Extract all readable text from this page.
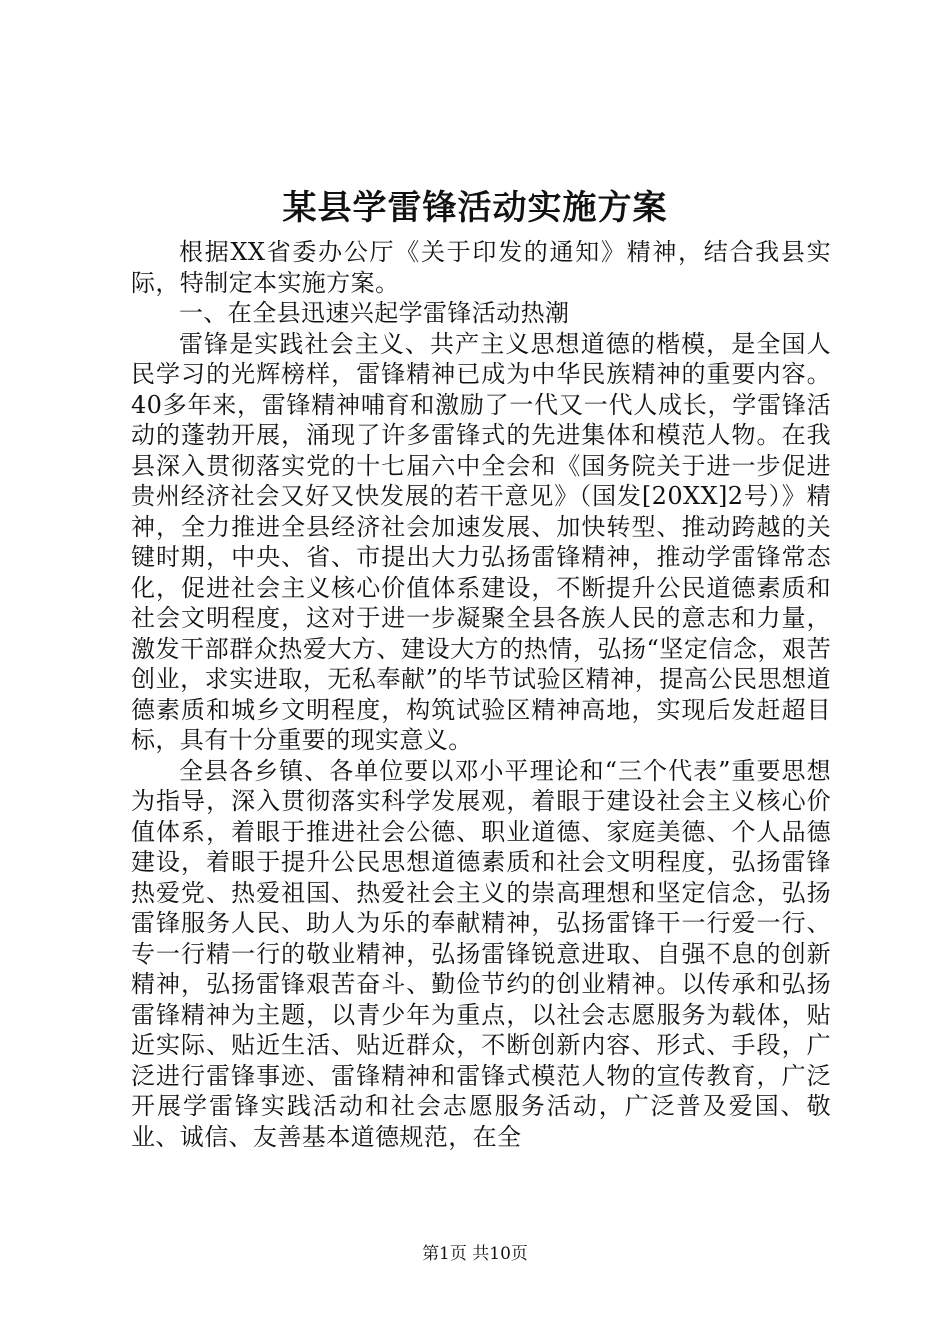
某县学雷锋活动实施方案

根据XX省委办公厅《关于印发的通知》精神，结合我县实际，特制定本实施方案。

一、在全县迅速兴起学雷锋活动热潮

雷锋是实践社会主义、共产主义思想道德的楷模，是全国人民学习的光辉榜样，雷锋精神已成为中华民族精神的重要内容。40多年来，雷锋精神哺育和激励了一代又一代人成长，学雷锋活动的蓬勃开展，涌现了许多雷锋式的先进集体和模范人物。在我县深入贯彻落实党的十七届六中全会和《国务院关于进一步促进贵州经济社会又好又快发展的若干意见》（国发[20XX]2号）》精神，全力推进全县经济社会加速发展、加快转型、推动跨越的关键时期，中央、省、市提出大力弘扬雷锋精神，推动学雷锋常态化，促进社会主义核心价值体系建设，不断提升公民道德素质和社会文明程度，这对于进一步凝聚全县各族人民的意志和力量，激发干部群众热爱大方、建设大方的热情，弘扬“坚定信念，艰苦创业，求实进取，无私奉献”的毕节试验区精神，提高公民思想道德素质和城乡文明程度，构筑试验区精神高地，实现后发赶超目标，具有十分重要的现实意义。

全县各乡镇、各单位要以邓小平理论和“三个代表”重要思想为指导，深入贯彻落实科学发展观，着眼于建设社会主义核心价值体系，着眼于推进社会公德、职业道德、家庭美德、个人品德建设，着眼于提升公民思想道德素质和社会文明程度，弘扬雷锋热爱党、热爱祖国、热爱社会主义的崇高理想和坚定信念，弘扬雷锋服务人民、助人为乐的奉献精神，弘扬雷锋干一行爱一行、专一行精一行的敬业精神，弘扬雷锋锐意进取、自强不息的创新精神，弘扬雷锋艰苦奋斗、勤俭节约的创业精神。以传承和弘扬雷锋精神为主题，以青少年为重点，以社会志愿服务为载体，贴近实际、贴近生活、贴近群众，不断创新内容、形式、手段，广泛进行雷锋事迹、雷锋精神和雷锋式模范人物的宣传教育，广泛开展学雷锋实践活动和社会志愿服务活动，广泛普及爱国、敬业、诚信、友善基本道德规范，在全

第1页 共10页
